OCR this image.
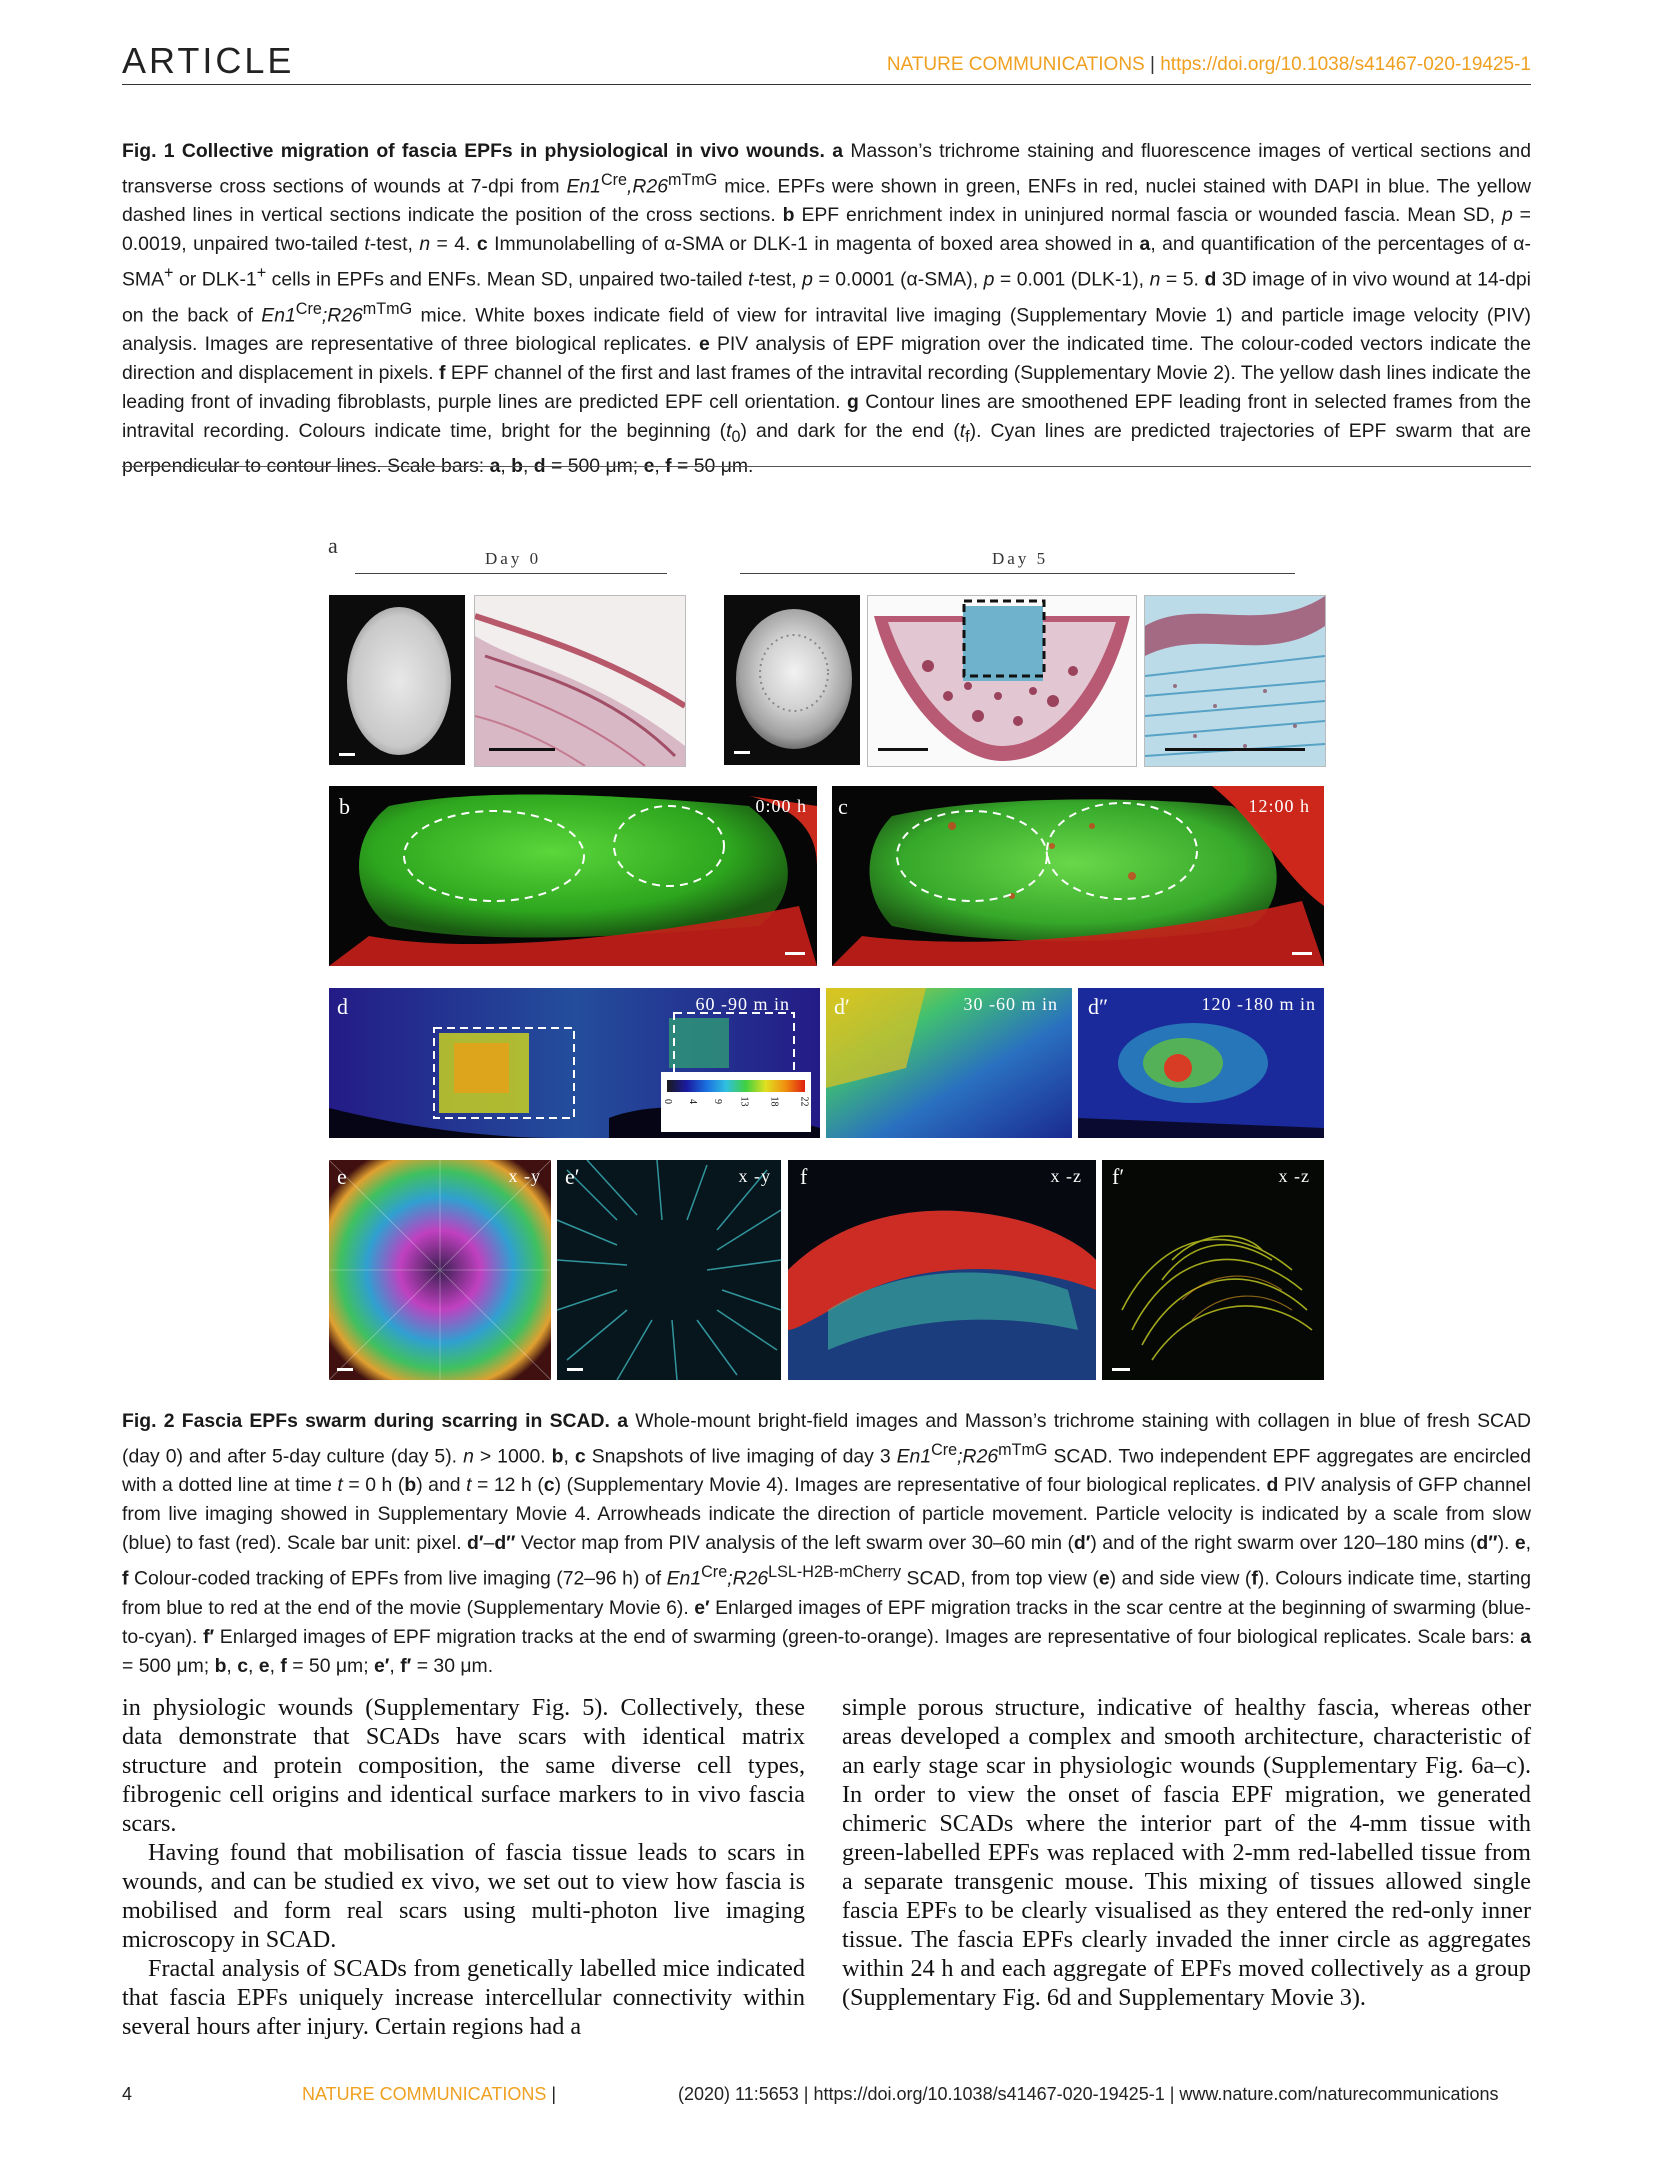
ARTICLE	NATURE COMMUNICATIONS | https://doi.org/10.1038/s41467-020-19425-1
Fig. 1 Collective migration of fascia EPFs in physiological in vivo wounds. a Masson’s trichrome staining and fluorescence images of vertical sections and transverse cross sections of wounds at 7-dpi from $En1^{Cre},R26^{mTmG}$ mice. EPFs were shown in green, ENFs in red, nuclei stained with DAPI in blue. The yellow dashed lines in vertical sections indicate the position of the cross sections. b EPF enrichment index in uninjured normal fascia or wounded fascia. Mean SD, p = 0.0019, unpaired two-tailed t-test, n = 4. c Immunolabelling of α-SMA or DLK-1 in magenta of boxed area showed in a, and quantification of the percentages of α-SMA+ or DLK-1+ cells in EPFs and ENFs. Mean SD, unpaired two-tailed t-test, p = 0.0001 (α-SMA), p = 0.001 (DLK-1), n = 5. d 3D image of in vivo wound at 14-dpi on the back of $En1^{Cre};R26^{mTmG}$ mice. White boxes indicate field of view for intravital live imaging (Supplementary Movie 1) and particle image velocity (PIV) analysis. Images are representative of three biological replicates. e PIV analysis of EPF migration over the indicated time. The colour-coded vectors indicate the direction and displacement in pixels. f EPF channel of the first and last frames of the intravital recording (Supplementary Movie 2). The yellow dash lines indicate the leading front of invading fibroblasts, purple lines are predicted EPF cell orientation. g Contour lines are smoothened EPF leading front in selected frames from the intravital recording. Colours indicate time, bright for the beginning $(t_0)$ and dark for the end $(t_f)$. Cyan lines are predicted trajectories of EPF swarm that are perpendicular to contour lines. Scale bars: a, b, d = 500 μm; e, f = 50 μm.
a
Day 0	Day 5
b	0:00 h c	12:00 h
d	60 -90 m in
0 4 9 13 18 22
d′	30 -60 m in d″	120 -180 m in
e	x -y e′	x -y f	x -z f′	x -z
Fig. 2 Fascia EPFs swarm during scarring in SCAD. a Whole-mount bright-field images and Masson’s trichrome staining with collagen in blue of fresh SCAD (day 0) and after 5-day culture (day 5). n > 1000. b, c Snapshots of live imaging of day 3 $En1^{Cre};R26^{mTmG}$ SCAD. Two independent EPF aggregates are encircled with a dotted line at time t = 0 h (b) and t = 12 h (c) (Supplementary Movie 4). Images are representative of four biological replicates. d PIV analysis of GFP channel from live imaging showed in Supplementary Movie 4. Arrowheads indicate the direction of particle movement. Particle velocity is indicated by a scale from slow (blue) to fast (red). Scale bar unit: pixel. d′–d″ Vector map from PIV analysis of the left swarm over 30–60 min (d′) and of the right swarm over 120–180 mins (d″). e, f Colour-coded tracking of EPFs from live imaging (72–96 h) of $En1^{Cre};R26^{LSL-H2B-mCherry}$ SCAD, from top view (e) and side view (f). Colours indicate time, starting from blue to red at the end of the movie (Supplementary Movie 6). e′ Enlarged images of EPF migration tracks in the scar centre at the beginning of swarming (blue-to-cyan). f′ Enlarged images of EPF migration tracks at the end of swarming (green-to-orange). Images are representative of four biological replicates. Scale bars: a = 500 μm; b, c, e, f = 50 μm; e′, f′ = 30 μm.

in physiologic wounds (Supplementary Fig. 5). Collectively, these data demonstrate that SCADs have scars with identical matrix structure and protein composition, the same diverse cell types, fibrogenic cell origins and identical surface markers to in vivo fascia scars.

Having found that mobilisation of fascia tissue leads to scars in wounds, and can be studied ex vivo, we set out to view how fascia is mobilised and form real scars using multi-photon live imaging microscopy in SCAD.

Fractal analysis of SCADs from genetically labelled mice indicated that fascia EPFs uniquely increase intercellular connectivity within several hours after injury. Certain regions had a

simple porous structure, indicative of healthy fascia, whereas other areas developed a complex and smooth architecture, characteristic of an early stage scar in physiologic wounds (Supplementary Fig. 6a–c). In order to view the onset of fascia EPF migration, we generated chimeric SCADs where the interior part of the 4-mm tissue with green-labelled EPFs was replaced with 2-mm red-labelled tissue from a separate transgenic mouse. This mixing of tissues allowed single fascia EPFs to be clearly visualised as they entered the red-only inner tissue. The fascia EPFs clearly invaded the inner circle as aggregates within 24 h and each aggregate of EPFs moved collectively as a group (Supplementary Fig. 6d and Supplementary Movie 3).

4	NATURE COMMUNICATIONS |	(2020) 11:5653 | https://doi.org/10.1038/s41467-020-19425-1 | www.nature.com/naturecommunications
